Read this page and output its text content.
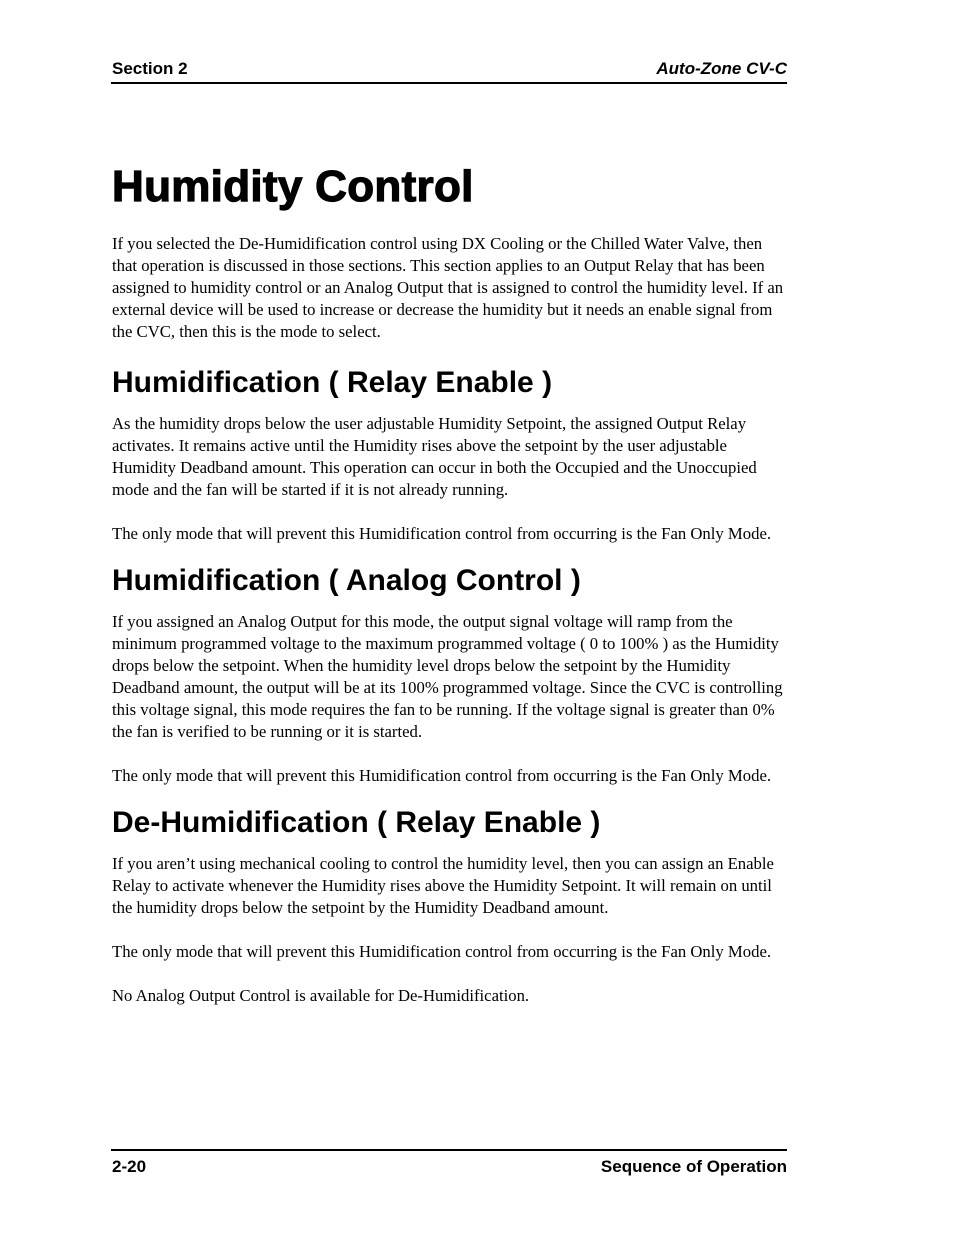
Section 2	Auto-Zone CV-C
Humidity Control

If you selected the De-Humidification control using DX Cooling or the Chilled Water Valve, then that operation is discussed in those sections. This section applies to an Output Relay that has been assigned to humidity control or an Analog Output that is assigned to control the humidity level. If an external device will be used to increase or decrease the humidity but it needs an enable signal from the CVC, then this is the mode to select.

Humidification ( Relay Enable )

As the humidity drops below the user adjustable Humidity Setpoint, the assigned Output Relay activates. It remains active until the Humidity rises above the setpoint by the user adjustable Humidity Deadband amount. This operation can occur in both the Occupied and the Unoccupied mode and the fan will be started if it is not already running.

The only mode that will prevent this Humidification control from occurring is the Fan Only Mode.

Humidification ( Analog Control )

If you assigned an Analog Output for this mode, the output signal voltage will ramp from the minimum programmed voltage to the maximum programmed voltage ( 0 to 100% ) as the Humidity drops below the setpoint. When the humidity level drops below the setpoint by the Humidity Deadband amount, the output will be at its 100% programmed voltage. Since the CVC is controlling this voltage signal, this mode requires the fan to be running. If the voltage signal is greater than 0% the fan is verified to be running or it is started.

The only mode that will prevent this Humidification control from occurring is the Fan Only Mode.

De-Humidification ( Relay Enable )

If you aren’t using mechanical cooling to control the humidity level, then you can assign an Enable Relay to activate whenever the Humidity rises above the Humidity Setpoint. It will remain on until the humidity drops below the setpoint by the Humidity Deadband amount.

The only mode that will prevent this Humidification control from occurring is the Fan Only Mode.

No Analog Output Control is available for De-Humidification.

2-20	Sequence of Operation
